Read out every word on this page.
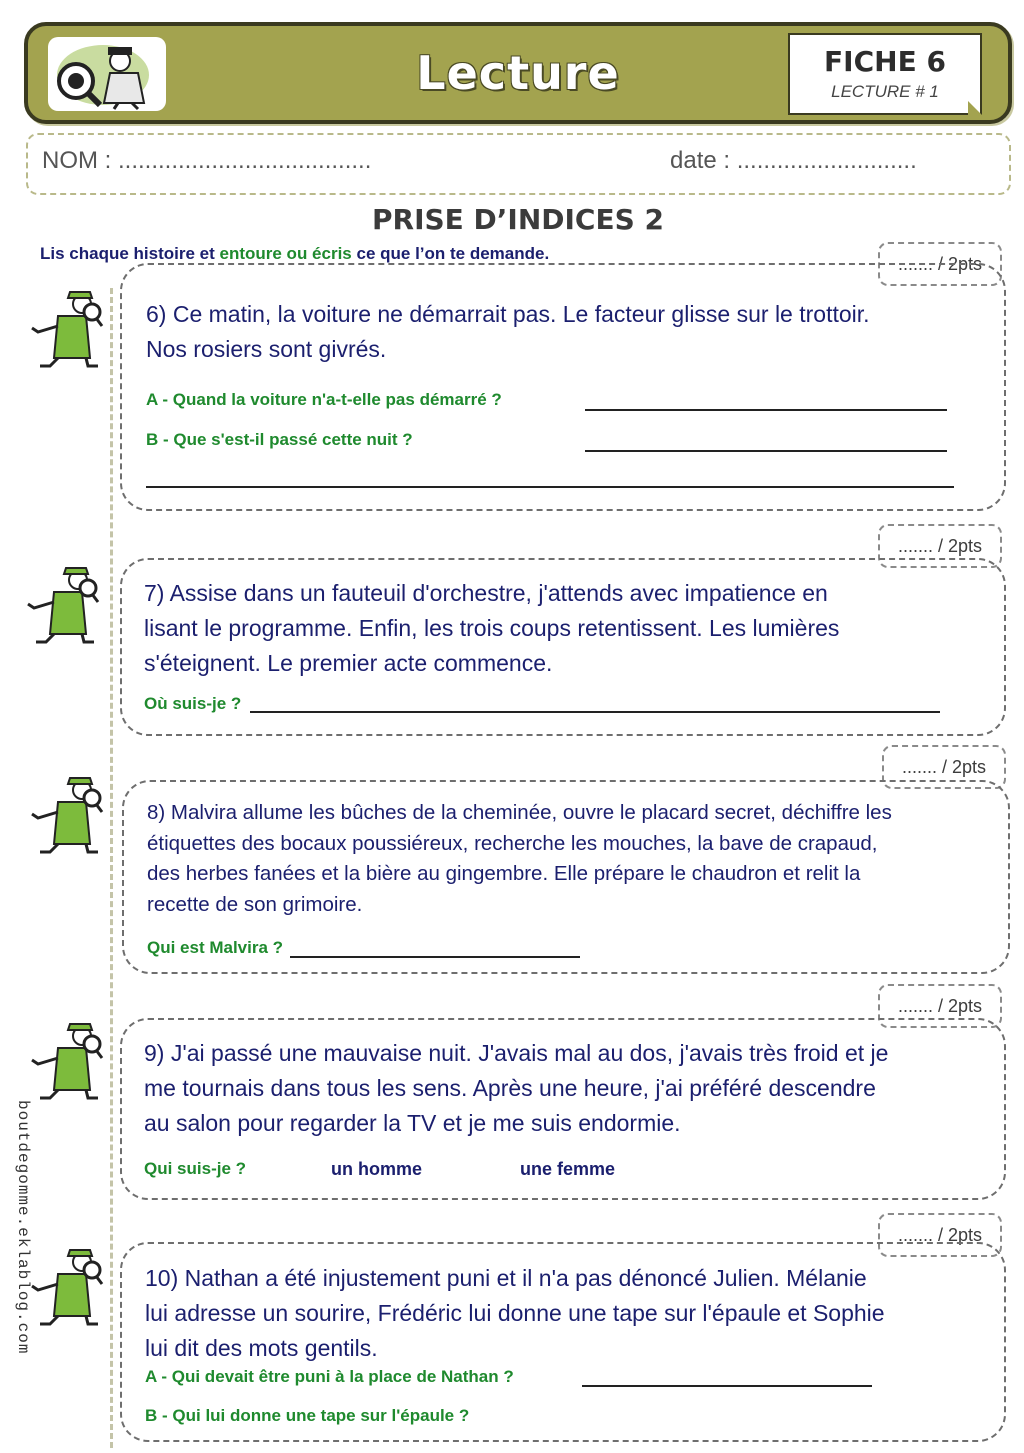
Lecture	FICHE 6
LECTURE # 1
NOM : ......................................	date : ...........................
PRISE D’INDICES 2
Lis chaque histoire et entoure ou écris ce que l’on te demande.
boutdegomme.eklablog.com
....... / 2pts
6) Ce matin, la voiture ne démarrait pas. Le facteur glisse sur le trottoir.
Nos rosiers sont givrés.
A - Quand la voiture n'a-t-elle pas démarré ?
B - Que s'est-il passé cette nuit ?
....... / 2pts
7) Assise dans un fauteuil d'orchestre, j'attends avec impatience en
lisant le programme. Enfin, les trois coups retentissent. Les lumières
s'éteignent. Le premier acte commence.
Où suis-je ?
....... / 2pts
8) Malvira allume les bûches de la cheminée, ouvre le placard secret, déchiffre les
étiquettes des bocaux poussiéreux, recherche les mouches, la bave de crapaud,
des herbes fanées et la bière au gingembre. Elle prépare le chaudron et relit la
recette de son grimoire.
Qui est Malvira ?
....... / 2pts
9) J'ai passé une mauvaise nuit. J'avais mal au dos, j'avais très froid et je
me tournais dans tous les sens. Après une heure, j'ai préféré descendre
au salon pour regarder la TV et je me suis endormie.
Qui suis-je ?	un homme	une femme
....... / 2pts
10) Nathan a été injustement puni et il n'a pas dénoncé Julien. Mélanie
lui adresse un sourire, Frédéric lui donne une tape sur l'épaule et Sophie
lui dit des mots gentils.
A - Qui devait être puni à la place de Nathan ?
B - Qui lui donne une tape sur l'épaule ?
